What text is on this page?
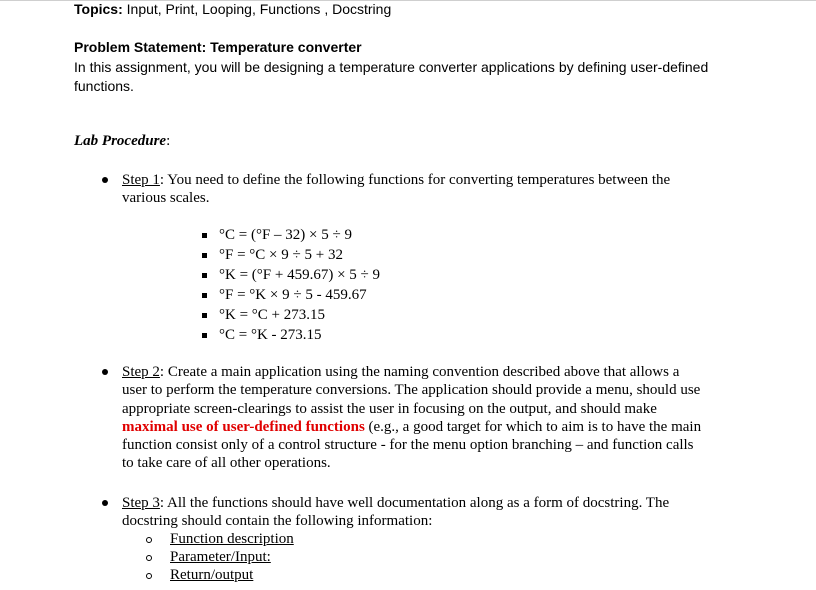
Topics: Input, Print, Looping, Functions , Docstring
Problem Statement: Temperature converter
In this assignment, you will be designing a temperature converter applications by defining user-defined
functions.
Lab Procedure:
Step 1: You need to define the following functions for converting temperatures between the
various scales.
°C = (°F – 32) × 5 ÷ 9
°F = °C × 9 ÷ 5 + 32
°K = (°F + 459.67) × 5 ÷ 9
°F = °K × 9 ÷ 5 - 459.67
°K = °C + 273.15
°C = °K - 273.15
Step 2: Create a main application using the naming convention described above that allows a
user to perform the temperature conversions. The application should provide a menu, should use
appropriate screen-clearings to assist the user in focusing on the output, and should make
maximal use of user-defined functions (e.g., a good target for which to aim is to have the main
function consist only of a control structure - for the menu option branching – and function calls
to take care of all other operations.
Step 3: All the functions should have well documentation along as a form of docstring. The
docstring should contain the following information:
Function description
Parameter/Input:
Return/output
